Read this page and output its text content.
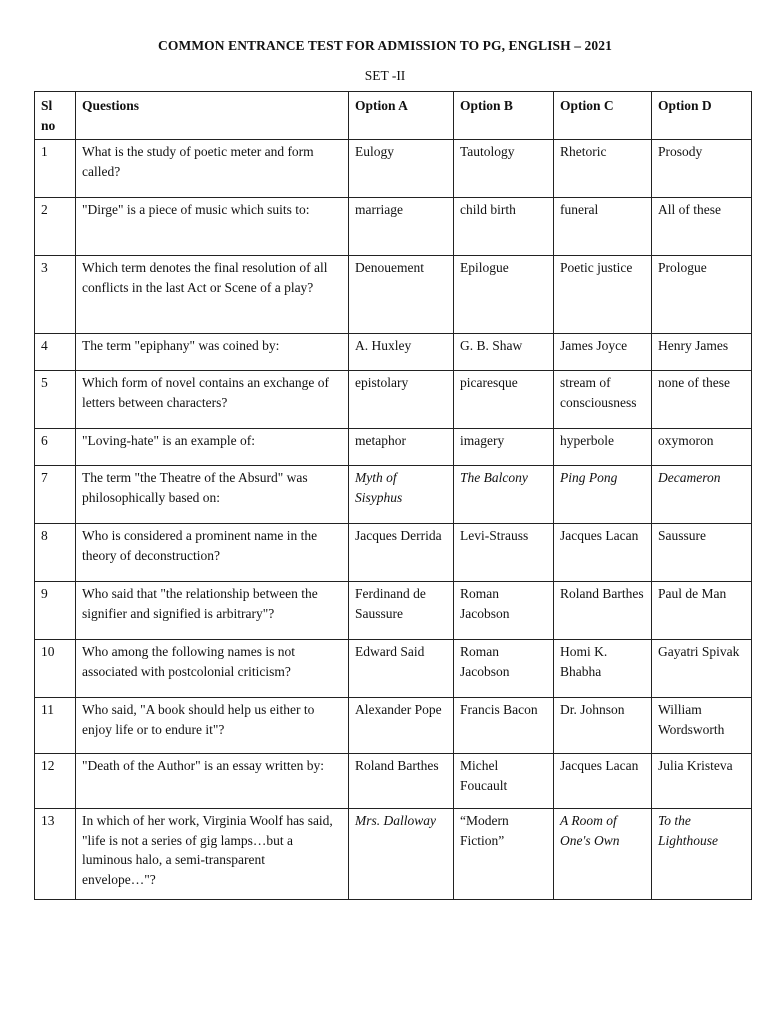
COMMON ENTRANCE TEST FOR ADMISSION TO PG, ENGLISH – 2021
SET -II
Sl no	Questions	Option A	Option B	Option C	Option D
1	What is the study of poetic meter and form called?	Eulogy	Tautology	Rhetoric	Prosody
2	"Dirge" is a piece of music which suits to:	marriage	child birth	funeral	All of these
3	Which term denotes the final resolution of all conflicts in the last Act or Scene of a play?	Denouement	Epilogue	Poetic justice	Prologue
4	The term "epiphany" was coined by:	A. Huxley	G. B. Shaw	James Joyce	Henry James
5	Which form of novel contains an exchange of letters between characters?	epistolary	picaresque	stream of consciousness	none of these
6	"Loving-hate" is an example of:	metaphor	imagery	hyperbole	oxymoron
7	The term "the Theatre of the Absurd" was philosophically based on:	Myth of Sisyphus	The Balcony	Ping Pong	Decameron
8	Who is considered a prominent name in the theory of deconstruction?	Jacques Derrida	Levi-Strauss	Jacques Lacan	Saussure
9	Who said that "the relationship between the signifier and signified is arbitrary"?	Ferdinand de Saussure	Roman Jacobson	Roland Barthes	Paul de Man
10	Who among the following names is not associated with postcolonial criticism?	Edward Said	Roman Jacobson	Homi K. Bhabha	Gayatri Spivak
11	Who said, "A book should help us either to enjoy life or to endure it"?	Alexander Pope	Francis Bacon	Dr. Johnson	William Wordsworth
12	"Death of the Author" is an essay written by:	Roland Barthes	Michel Foucault	Jacques Lacan	Julia Kristeva
13	In which of her work, Virginia Woolf has said, "life is not a series of gig lamps…but a luminous halo, a semi-transparent envelope…"?	Mrs. Dalloway	“Modern Fiction”	A Room of One's Own	To the Lighthouse
